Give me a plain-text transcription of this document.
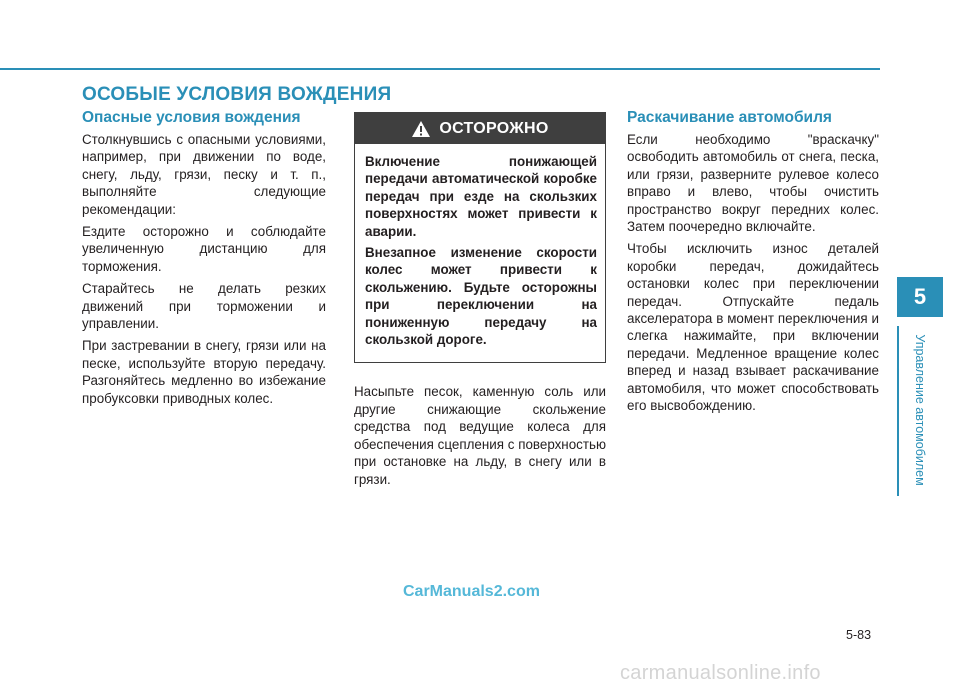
ОСОБЫЕ УСЛОВИЯ ВОЖДЕНИЯ
Опасные условия вождения

Столкнувшись с опасными условиями, например, при движении по воде, снегу, льду, грязи, песку и т. п., выполняйте следующие рекомендации:

Ездите осторожно и соблюдайте увеличенную дистанцию для торможения.

Старайтесь не делать резких движений при торможении и управлении.

При застревании в снегу, грязи или на песке, используйте вторую передачу. Разгоняйтесь медленно во избежание пробуксовки приводных колес.

ОСТОРОЖНО

Включение понижающей передачи автоматической коробке передач при езде на скользких поверхностях может привести к аварии.

Внезапное изменение скорости колес может привести к скольжению. Будьте осторожны при переключении на пониженную передачу на скользкой дороге.

Насыпьте песок, каменную соль или другие снижающие скольжение средства под ведущие колеса для обеспечения сцепления с поверхностью при остановке на льду, в снегу или в грязи.

Раскачивание автомобиля

Если необходимо "враскачку" освободить автомобиль от снега, песка, или грязи, разверните рулевое колесо вправо и влево, чтобы очистить пространство вокруг передних колес. Затем поочередно включайте.

Чтобы исключить износ деталей коробки передач, дожидайтесь остановки колес при переключении передач. Отпускайте педаль акселератора в момент переключения и слегка нажимайте, при включении передачи. Медленное вращение колес вперед и назад взывает раскачивание автомобиля, что может способствовать его высвобождению.

5
Управление автомобилем
CarManuals2.com
5-83
carmanualsonline.info
